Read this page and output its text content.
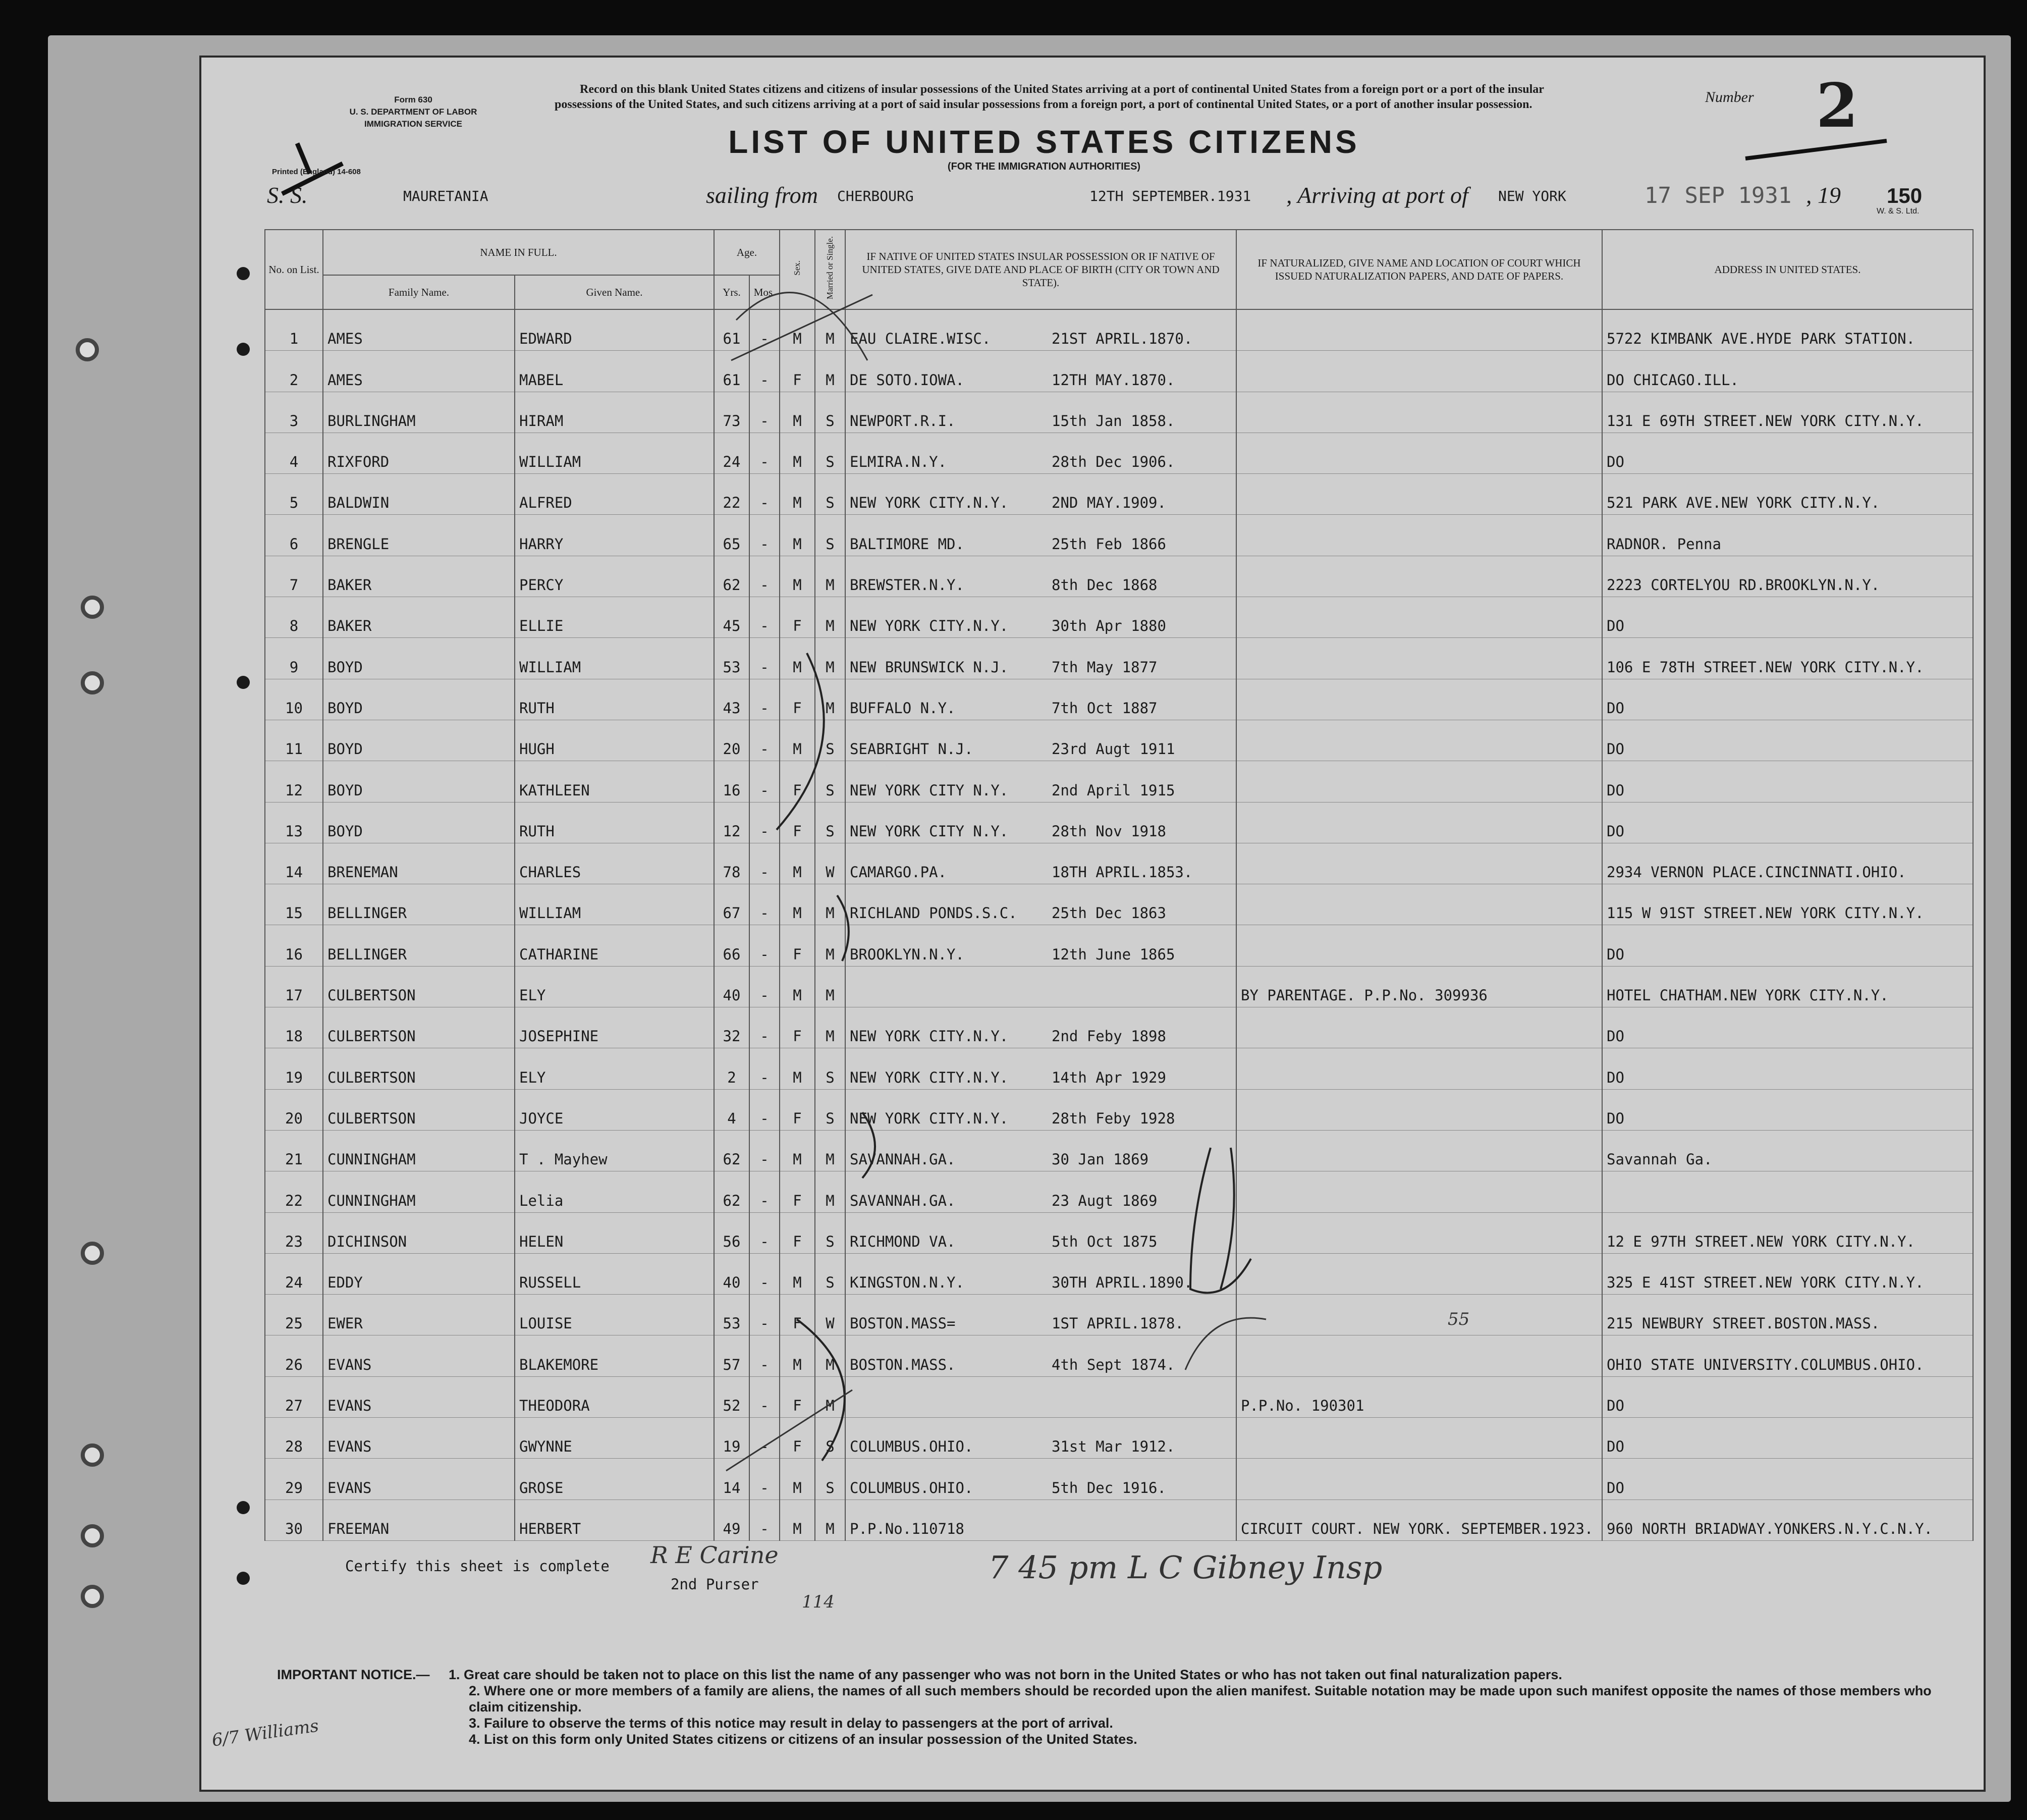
Form 630
U. S. DEPARTMENT OF LABOR
IMMIGRATION SERVICE
Printed (England) 14-608
Record on this blank United States citizens and citizens of insular possessions of the United States arriving at a port of continental United States from a foreign port or a port of the insular possessions of the United States, and such citizens arriving at a port of said insular possessions from a foreign port, a port of continental United States, or a port of another insular possession.
LIST OF UNITED STATES CITIZENS
(FOR THE IMMIGRATION AUTHORITIES)
Number 2
S. S.	MAURETANIA	sailing from CHERBOURG	12TH SEPTEMBER.1931 , Arriving at port of NEW YORK	17 SEP 1931 , 19 150
W. & S. Ltd.
No. on List.	NAME IN FULL.		Age.		Sex.	Married or Single.	IF NATIVE OF UNITED STATES INSULAR POSSESSION OR IF NATIVE OF UNITED STATES, GIVE DATE AND PLACE OF BIRTH (CITY OR TOWN AND STATE).	IF NATURALIZED, GIVE NAME AND LOCATION OF COURT WHICH ISSUED NATURALIZATION PAPERS, AND DATE OF PAPERS.	ADDRESS IN UNITED STATES.
	Family Name.	Given Name.	Yrs.	Mos.					
1	AMES	EDWARD	61	-	M	M	EAU CLAIRE.WISC. 21ST APRIL.1870.		5722 KIMBANK AVE.HYDE PARK STATION.
2	AMES	MABEL	61	-	F	M	DE SOTO.IOWA. 12TH MAY.1870.		DO CHICAGO.ILL.
3	BURLINGHAM	HIRAM	73	-	M	S	NEWPORT.R.I. 15th Jan 1858.		131 E 69TH STREET.NEW YORK CITY.N.Y.
4	RIXFORD	WILLIAM	24	-	M	S	ELMIRA.N.Y. 28th Dec 1906.		DO
5	BALDWIN	ALFRED	22	-	M	S	NEW YORK CITY.N.Y. 2ND MAY.1909.		521 PARK AVE.NEW YORK CITY.N.Y.
6	BRENGLE	HARRY	65	-	M	S	BALTIMORE MD. 25th Feb 1866		RADNOR. Penna
7	BAKER	PERCY	62	-	M	M	BREWSTER.N.Y. 8th Dec 1868		2223 CORTELYOU RD.BROOKLYN.N.Y.
8	BAKER	ELLIE	45	-	F	M	NEW YORK CITY.N.Y. 30th Apr 1880		DO
9	BOYD	WILLIAM	53	-	M	M	NEW BRUNSWICK N.J. 7th May 1877		106 E 78TH STREET.NEW YORK CITY.N.Y.
10	BOYD	RUTH	43	-	F	M	BUFFALO N.Y. 7th Oct 1887		DO
11	BOYD	HUGH	20	-	M	S	SEABRIGHT N.J. 23rd Augt 1911		DO
12	BOYD	KATHLEEN	16	-	F	S	NEW YORK CITY N.Y. 2nd April 1915		DO
13	BOYD	RUTH	12	-	F	S	NEW YORK CITY N.Y. 28th Nov 1918		DO
14	BRENEMAN	CHARLES	78	-	M	W	CAMARGO.PA. 18TH APRIL.1853.		2934 VERNON PLACE.CINCINNATI.OHIO.
15	BELLINGER	WILLIAM	67	-	M	M	RICHLAND PONDS.S.C. 25th Dec 1863		115 W 91ST STREET.NEW YORK CITY.N.Y.
16	BELLINGER	CATHARINE	66	-	F	M	BROOKLYN.N.Y. 12th June 1865		DO
17	CULBERTSON	ELY	40	-	M	M		BY PARENTAGE. P.P.No. 309936	HOTEL CHATHAM.NEW YORK CITY.N.Y.
18	CULBERTSON	JOSEPHINE	32	-	F	M	NEW YORK CITY.N.Y. 2nd Feby 1898		DO
19	CULBERTSON	ELY	2	-	M	S	NEW YORK CITY.N.Y. 14th Apr 1929		DO
20	CULBERTSON	JOYCE	4	-	F	S	NEW YORK CITY.N.Y. 28th Feby 1928		DO
21	CUNNINGHAM	T . Mayhew	62	-	M	M	SAVANNAH.GA. 30 Jan 1869		Savannah Ga.
22	CUNNINGHAM	Lelia	62	-	F	M	SAVANNAH.GA. 23 Augt 1869		
23	DICHINSON	HELEN	56	-	F	S	RICHMOND VA. 5th Oct 1875		12 E 97TH STREET.NEW YORK CITY.N.Y.
24	EDDY	RUSSELL	40	-	M	S	KINGSTON.N.Y. 30TH APRIL.1890.		325 E 41ST STREET.NEW YORK CITY.N.Y.
25	EWER	LOUISE	53	-	F	W	BOSTON.MASS= 1ST APRIL.1878.		215 NEWBURY STREET.BOSTON.MASS.
26	EVANS	BLAKEMORE	57	-	M	M	BOSTON.MASS. 4th Sept 1874.		OHIO STATE UNIVERSITY.COLUMBUS.OHIO.
27	EVANS	THEODORA	52	-	F	M		P.P.No. 190301	DO
28	EVANS	GWYNNE	19	-	F	S	COLUMBUS.OHIO. 31st Mar 1912.		DO
29	EVANS	GROSE	14	-	M	S	COLUMBUS.OHIO. 5th Dec 1916.		DO
30	FREEMAN	HERBERT	49	-	M	M	P.P.No.110718	CIRCUIT COURT. NEW YORK. SEPTEMBER.1923.	960 NORTH BRIADWAY.YONKERS.N.Y.C.N.Y.
Certify this sheet is complete R E Carine
2nd Purser	7 45 pm L C Gibney Insp
114
55
6/7 Williams
IMPORTANT NOTICE.— 1. Great care should be taken not to place on this list the name of any passenger who was not born in the United States or who has not taken out final naturalization papers.
2. Where one or more members of a family are aliens, the names of all such members should be recorded upon the alien manifest. Suitable notation may be made upon such manifest opposite the names of those members who claim citizenship.
3. Failure to observe the terms of this notice may result in delay to passengers at the port of arrival.
4. List on this form only United States citizens or citizens of an insular possession of the United States.
